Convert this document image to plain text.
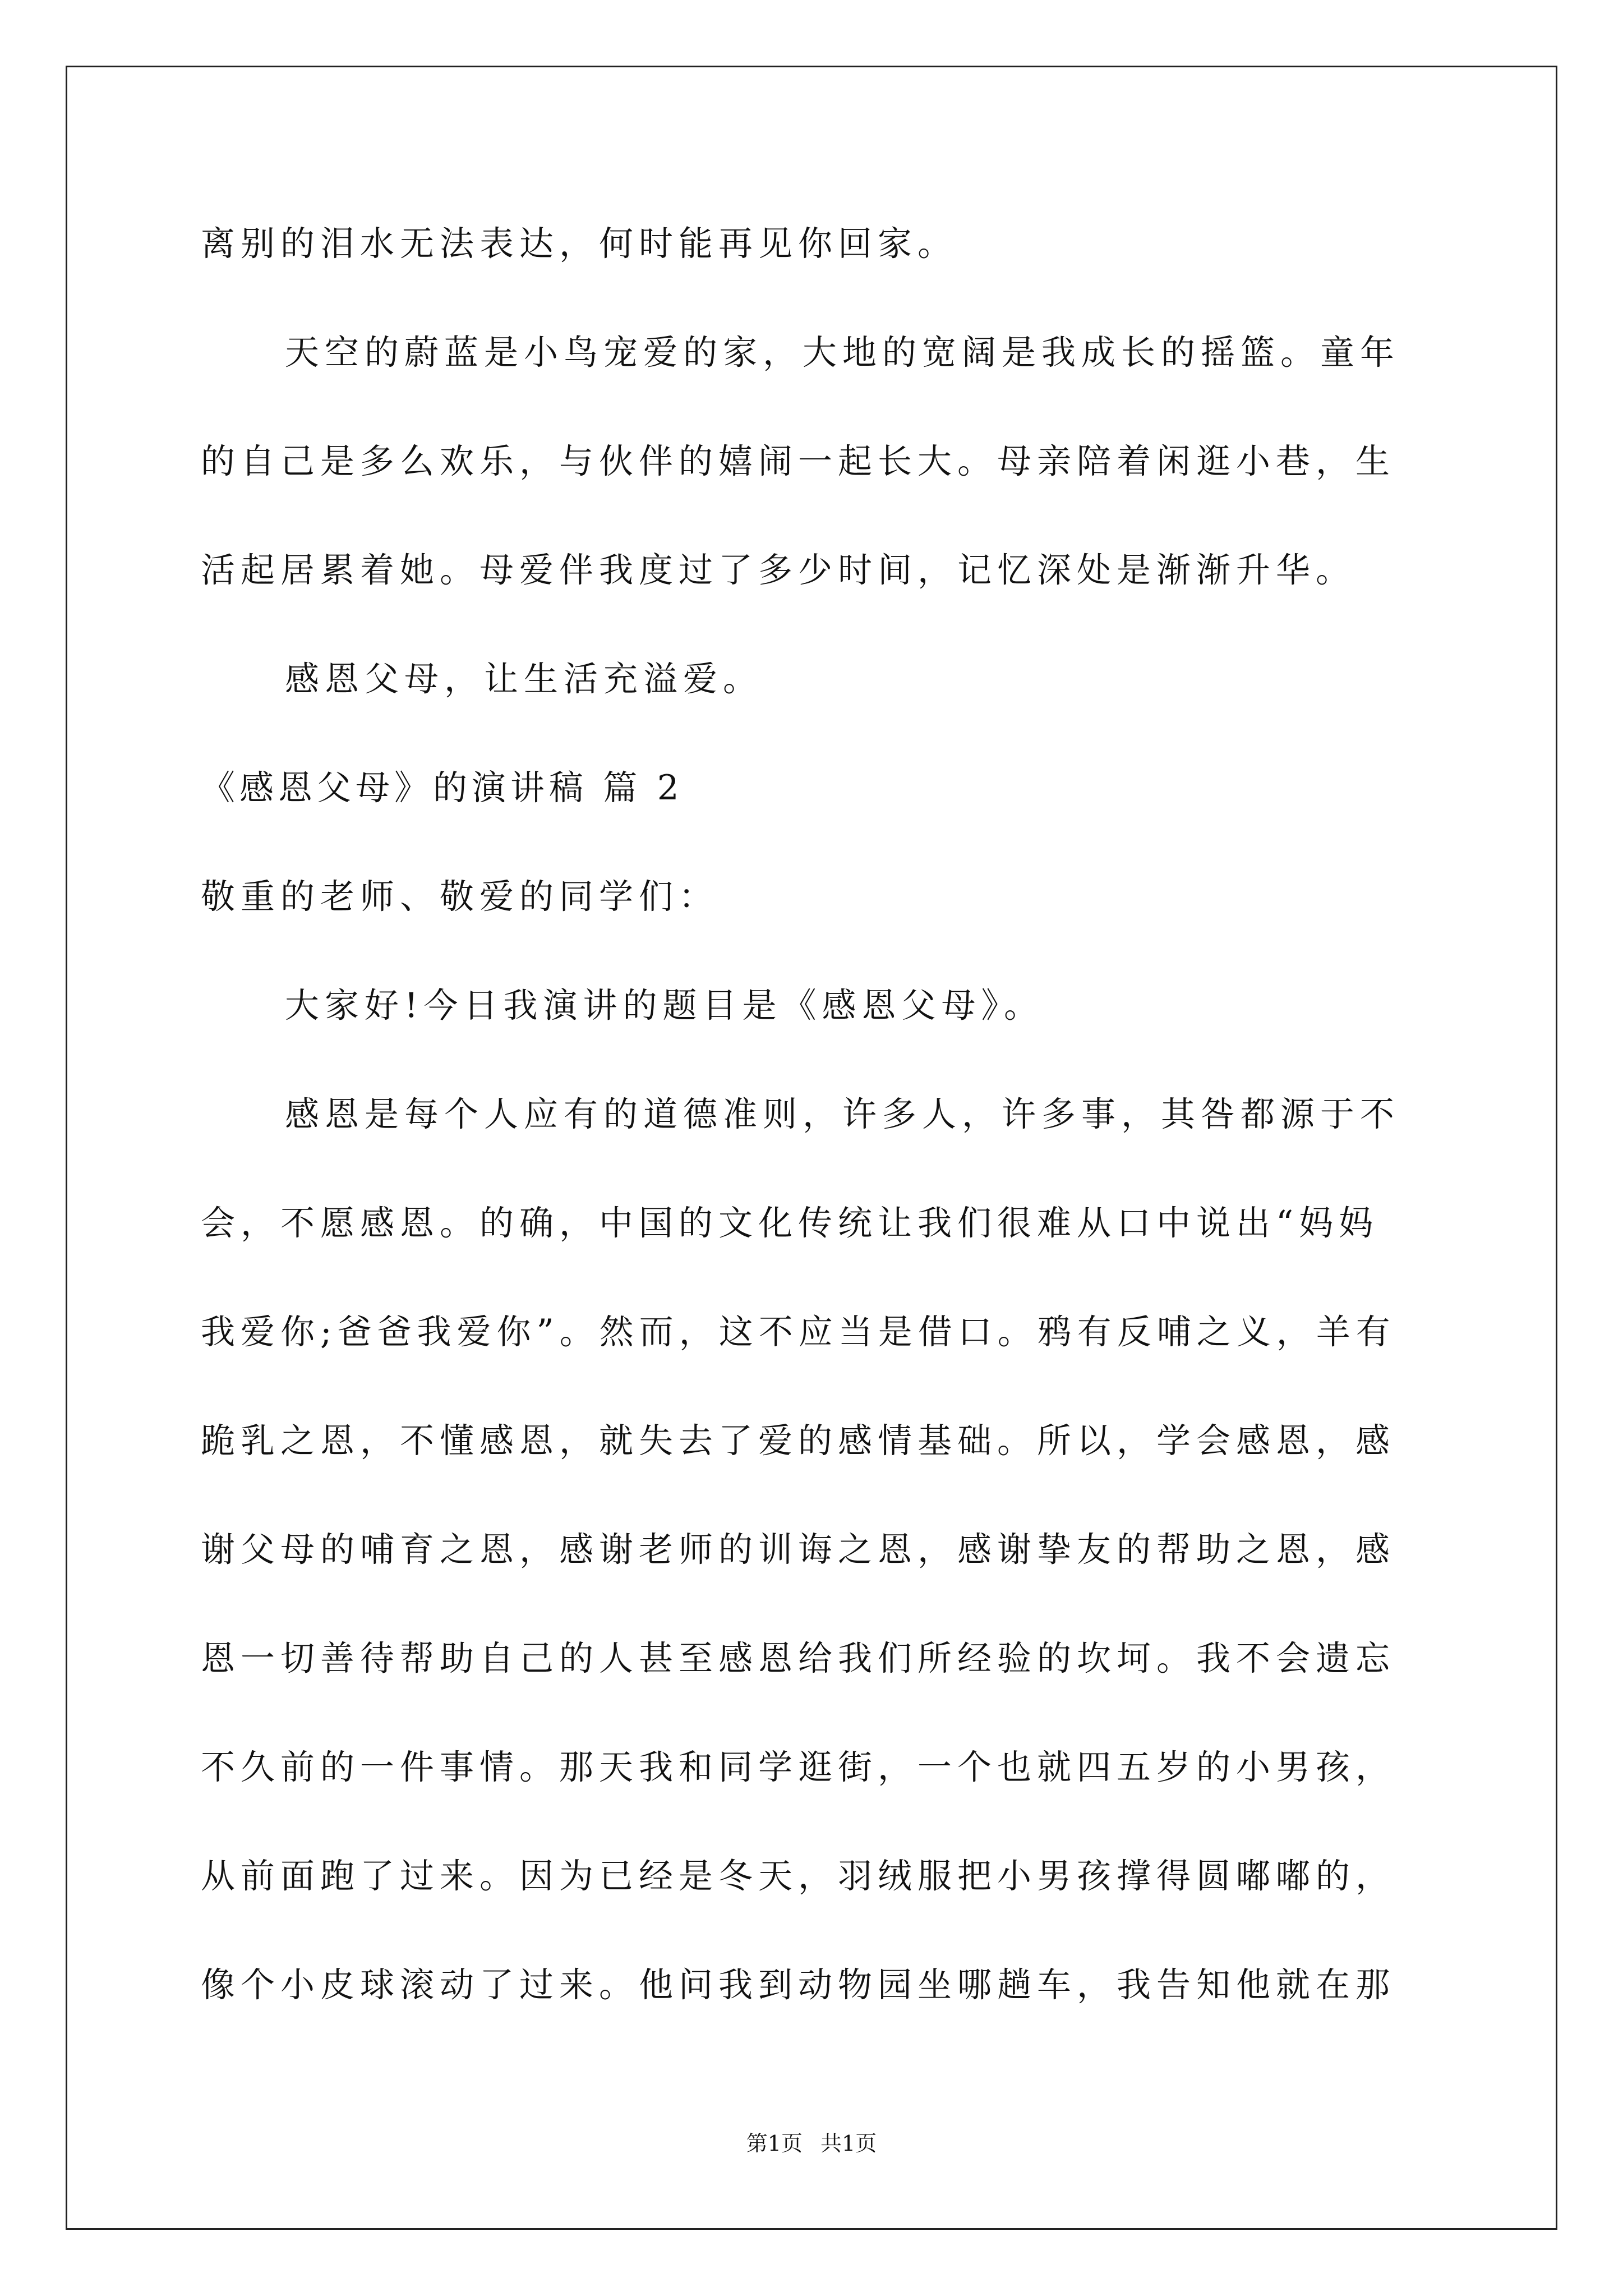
离别的泪水无法表达，何时能再见你回家。
天空的蔚蓝是小鸟宠爱的家，大地的宽阔是我成长的摇篮。童年
的自己是多么欢乐，与伙伴的嬉闹一起长大。母亲陪着闲逛小巷，生
活起居累着她。母爱伴我度过了多少时间，记忆深处是渐渐升华。
感恩父母，让生活充溢爱。
《感恩父母》的演讲稿 篇 2
敬重的老师、敬爱的同学们：
大家好!今日我演讲的题目是《感恩父母》。
感恩是每个人应有的道德准则，许多人，许多事，其咎都源于不
会，不愿感恩。的确，中国的文化传统让我们很难从口中说出“妈妈
我爱你;爸爸我爱你”。然而，这不应当是借口。鸦有反哺之义，羊有
跪乳之恩，不懂感恩，就失去了爱的感情基础。所以，学会感恩，感
谢父母的哺育之恩，感谢老师的训诲之恩，感谢挚友的帮助之恩，感
恩一切善待帮助自己的人甚至感恩给我们所经验的坎坷。我不会遗忘
不久前的一件事情。那天我和同学逛街，一个也就四五岁的小男孩，
从前面跑了过来。因为已经是冬天，羽绒服把小男孩撑得圆嘟嘟的，
像个小皮球滚动了过来。他问我到动物园坐哪趟车，我告知他就在那
第1页 共1页
